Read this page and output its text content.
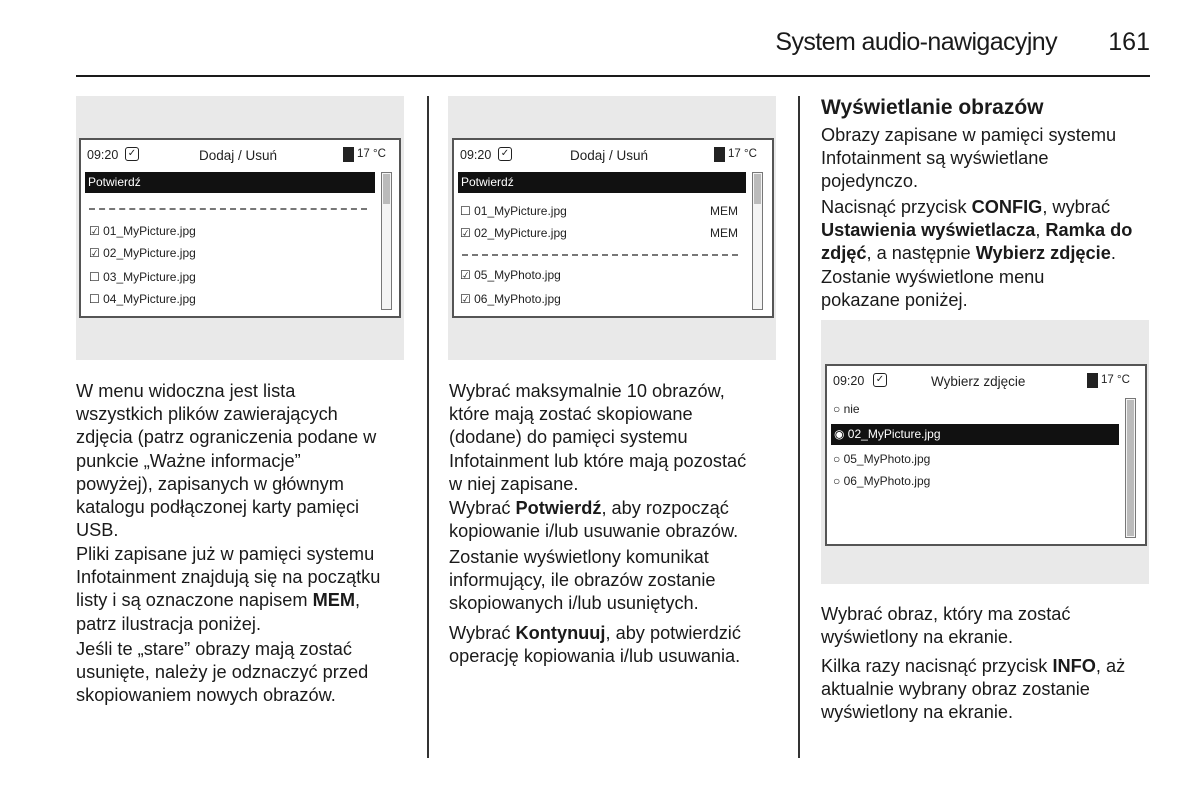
System audio-nawigacyjny	161
09:20 ✓	Dodaj / Usuń	17 °C
Potwierdź
☑ 01_MyPicture.jpg
☑ 02_MyPicture.jpg
☐ 03_MyPicture.jpg
☐ 04_MyPicture.jpg
09:20 ✓	Dodaj / Usuń	17 °C
Potwierdź
☐ 01_MyPicture.jpg	MEM
☑ 02_MyPicture.jpg	MEM
☑ 05_MyPhoto.jpg
☑ 06_MyPhoto.jpg
W menu widoczna jest lista
wszystkich plików zawierających
zdjęcia (patrz ograniczenia podane w
punkcie „Ważne informacje”
powyżej), zapisanych w głównym
katalogu podłączonej karty pamięci
USB.
Pliki zapisane już w pamięci systemu
Infotainment znajdują się na początku
listy i są oznaczone napisem MEM,
patrz ilustracja poniżej.
Jeśli te „stare” obrazy mają zostać
usunięte, należy je odznaczyć przed
skopiowaniem nowych obrazów.
Wybrać maksymalnie 10 obrazów,
które mają zostać skopiowane
(dodane) do pamięci systemu
Infotainment lub które mają pozostać
w niej zapisane.
Wybrać Potwierdź, aby rozpocząć
kopiowanie i/lub usuwanie obrazów.
Zostanie wyświetlony komunikat
informujący, ile obrazów zostanie
skopiowanych i/lub usuniętych.
Wybrać Kontynuuj, aby potwierdzić
operację kopiowania i/lub usuwania.
Wyświetlanie obrazów
Obrazy zapisane w pamięci systemu
Infotainment są wyświetlane
pojedynczo.
Nacisnąć przycisk CONFIG, wybrać
Ustawienia wyświetlacza, Ramka do
zdjęć, a następnie Wybierz zdjęcie.
Zostanie wyświetlone menu
pokazane poniżej.
09:20 ✓	Wybierz zdjęcie	17 °C
○ nie
◉ 02_MyPicture.jpg
○ 05_MyPhoto.jpg
○ 06_MyPhoto.jpg
Wybrać obraz, który ma zostać
wyświetlony na ekranie.
Kilka razy nacisnąć przycisk INFO, aż
aktualnie wybrany obraz zostanie
wyświetlony na ekranie.
